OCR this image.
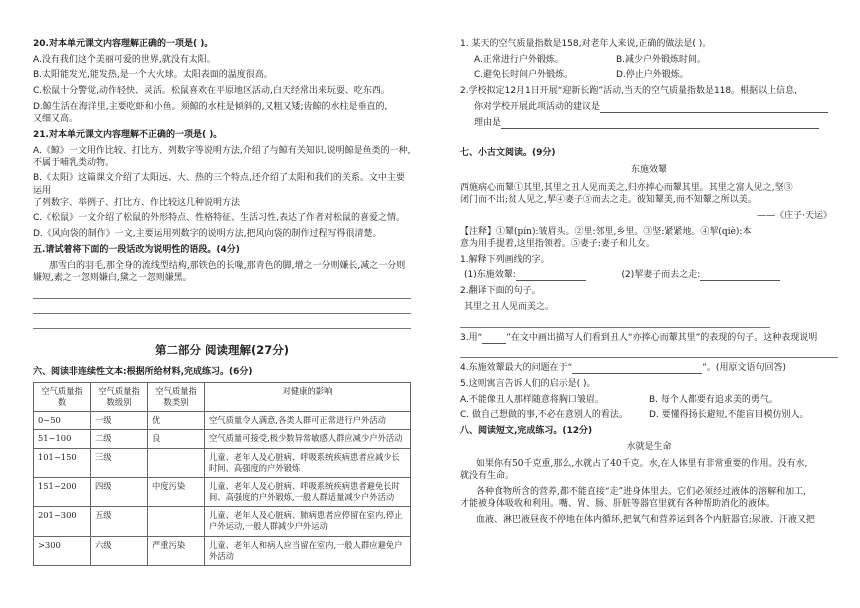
20.对本单元课文内容理解正确的一项是( )。

A.没有我们这个美丽可爱的世界,就没有太阳。

B.太阳能发光,能发热,是一个大火球。太阳表面的温度很高。

C.松鼠十分警觉,动作轻快、灵活。松鼠喜欢在平原地区活动,白天经常出来玩耍、吃东西。

D.鲸生活在海洋里,主要吃虾和小鱼。须鲸的水柱是倾斜的,又粗又矮;齿鲸的水柱是垂直的,

又细又高。

21.对本单元课文内容理解不正确的一项是( )。

A.《鲸》一文用作比较、打比方、列数字等说明方法,介绍了与鲸有关知识,说明鲸是鱼类的一种,

不属于哺乳类动物。

B.《太阳》这篇课文介绍了太阳远、大、热的三个特点,还介绍了太阳和我们的关系。文中主要运用

了列数字、举例子、打比方、作比较这几种说明方法

C.《松鼠》一文介绍了松鼠的外形特点、性格特征、生活习性,表达了作者对松鼠的喜爱之情。

D.《风向袋的制作》一文,主要运用列数字的说明方法,把风向袋的制作过程写得很清楚。

五.请试着将下面的一段话改为说明性的语段。(4分)

那雪白的羽毛,那全身的流线型结构,那铁色的长喙,那青色的脚,增之一分则嫌长,减之一分则

嫌短,素之一忽则嫌白,黛之一忽则嫌黑。

第二部分 阅读理解(27分)

六、阅读非连续性文本:根据所给材料,完成练习。(6分)

空气质量指数	空气质量指数级别	空气质量指数类别	对健康的影响
0~50	一级	优	空气质量令人满意,各类人群可正常进行户外活动
51~100	二级	良	空气质量可接受,极少数异常敏感人群应减少户外活动
101~150	三级		儿童、老年人及心脏病、呼吸系统疾病患者应减少长时间、高强度的户外锻炼
151~200	四级	中度污染	儿童、老年人及心脏病、呼吸系统疾病患者避免长时间、高强度的户外锻炼,一般人群适量减少户外活动
201~300	五级		儿童、老年人及心脏病、肺病患者应停留在室内,停止户外运动,一般人群减少户外运动
>300	六级	严重污染	儿童、老年人和病人应当留在室内,一般人群应避免户外活动

1. 某天的空气质量指数是158,对老年人来说,正确的做法是( )。

A.正常进行户外锻炼。	B.减少户外锻炼时间。
C.避免长时间户外锻炼。	D.停止户外锻炼。

2.学校拟定12月1日开展“迎新长跑”活动,当天的空气质量指数是118。根据以上信息,

你对学校开展此项活动的建议是

理由是

七、小古文阅读。(9分)

东施效颦

西施病心而颦①其里,其里之丑人见而美之,归亦捧心而颦其里。其里之富人见之,坚③

闭门而不出;贫人见之,挈④妻子⑤而去之走。彼知颦美,而不知颦之所以美。

——《庄子·天运》

【注释】①颦(pín):皱眉头。②里:邻里,乡里。③坚:紧紧地。④挈(qiè):本

意为用手提着,这里指领着。⑤妻子:妻子和儿女。

1.解释下列画线的字。

(1)东施效颦:	(2)挈妻子而去之走:

2.翻译下面的句子。

其里之丑人见而美之。

3.用“	”在文中画出描写人们看到丑人“亦捧心而颦其里”的表现的句子。这种表现说明

4.东施效颦最大的问题在于“	”。(用原文语句回答)

5.这则寓言告诉人们的启示是( )。

A.不能像丑人那样随意将胸口皱眉。	B. 每个人都要有追求美的勇气。
C. 做自己想做的事,不必在意别人的看法。	D. 要懂得扬长避短,不能盲目模仿别人。

八、阅读短文,完成练习。(12分)

水就是生命

如果你有50千克重,那么,水就占了40千克。水,在人体里有非常重要的作用。没有水,

就没有生命。

各种食物所含的营养,都不能直接“走”进身体里去。它们必须经过液体的溶解和加工,

才能被身体吸收和利用。嘴、胃、肠、肝脏等器官里就有各种帮助消化的液体。

血液、淋巴液昼夜不停地在体内循环,把氧气和营养运到各个内脏器官;尿液、汗液又把
